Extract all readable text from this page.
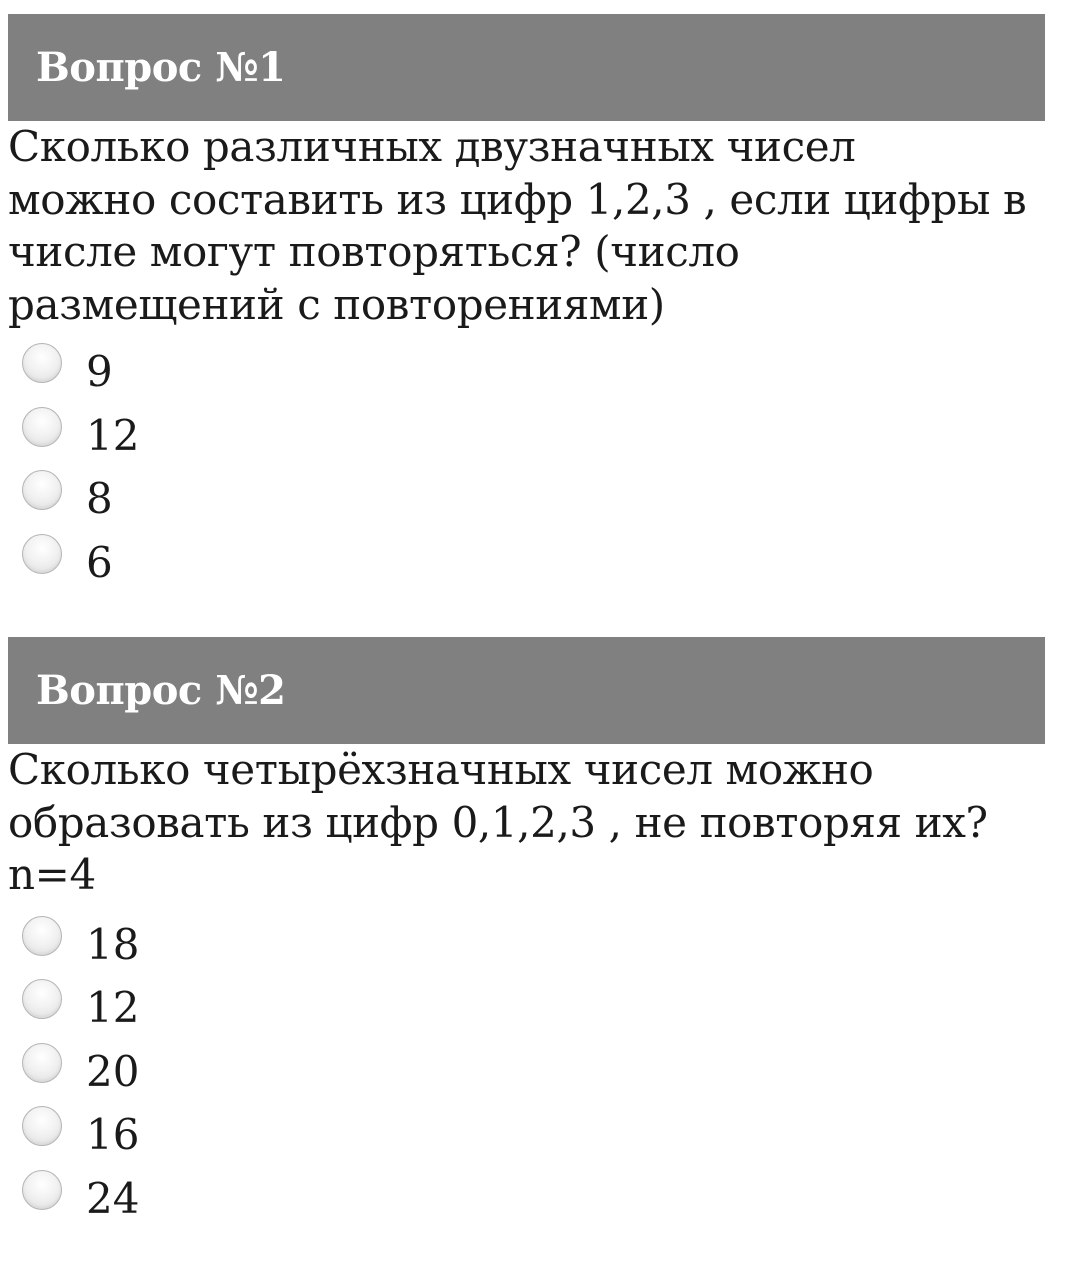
Вопрос №1
Сколько различных двузначных чисел
можно составить из цифр 1,2,3 , если цифры в
числе могут повторяться? (число
размещений с повторениями)
9
12
8
6
Вопрос №2
Сколько четырёхзначных чисел можно
образовать из цифр 0,1,2,3 , не повторяя их?
n=4
18
12
20
16
24
